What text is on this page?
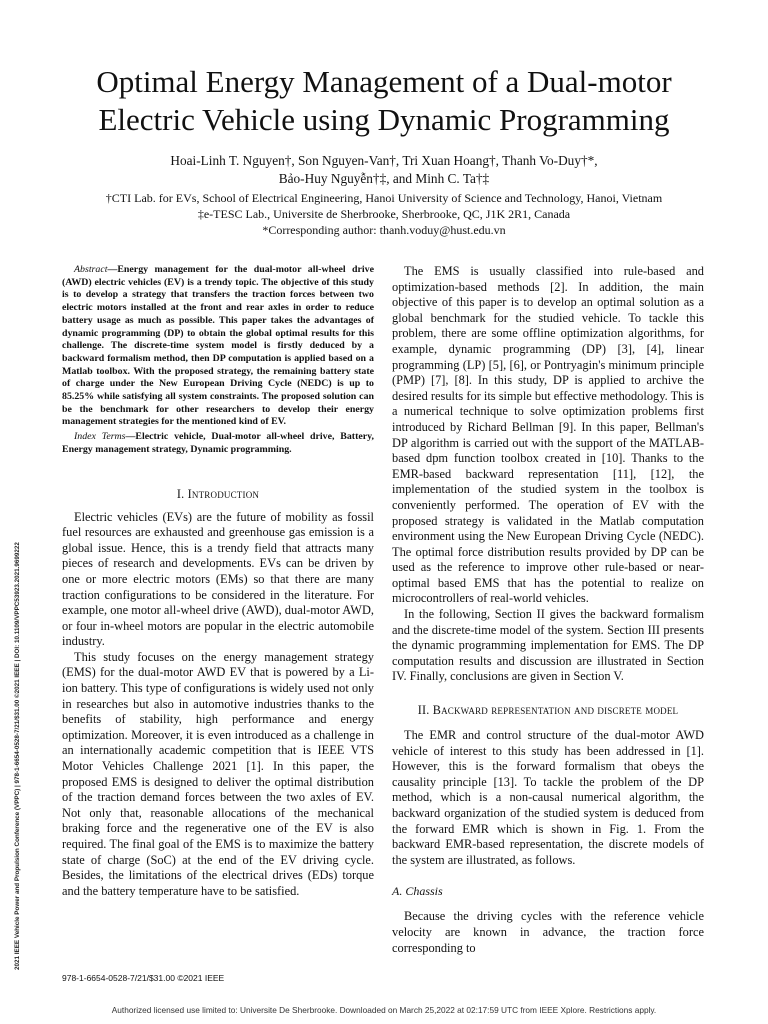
2021 IEEE Vehicle Power and Propulsion Conference (VPPC) | 978-1-6654-0528-7/21/$31.00 ©2021 IEEE | DOI: 10.1109/VPPC53923.2021.9699222
Optimal Energy Management of a Dual-motor
Electric Vehicle using Dynamic Programming
Hoai-Linh T. Nguyen†, Son Nguyen-Van†, Tri Xuan Hoang†, Thanh Vo-Duy†*,
Bảo-Huy Nguyễn†‡, and Minh C. Ta†‡
†CTI Lab. for EVs, School of Electrical Engineering, Hanoi University of Science and Technology, Hanoi, Vietnam
‡e-TESC Lab., Universite de Sherbrooke, Sherbrooke, QC, J1K 2R1, Canada
*Corresponding author: thanh.voduy@hust.edu.vn

Abstract—Energy management for the dual-motor all-wheel drive (AWD) electric vehicles (EV) is a trendy topic. The objective of this study is to develop a strategy that transfers the traction forces between two electric motors installed at the front and rear axles in order to reduce battery usage as much as possible. This paper takes the advantages of dynamic programming (DP) to obtain the global optimal results for this challenge. The discrete-time system model is firstly deduced by a backward formalism method, then DP computation is applied based on a Matlab toolbox. With the proposed strategy, the remaining battery state of charge under the New European Driving Cycle (NEDC) is up to 85.25% while satisfying all system constraints. The proposed solution can be the benchmark for other researchers to develop their energy management strategies for the mentioned kind of EV.

Index Terms—Electric vehicle, Dual-motor all-wheel drive, Battery, Energy management strategy, Dynamic programming.

I. Introduction

Electric vehicles (EVs) are the future of mobility as fossil fuel resources are exhausted and greenhouse gas emission is a global issue. Hence, this is a trendy field that attracts many pieces of research and developments. EVs can be driven by one or more electric motors (EMs) so that there are many traction configurations to be considered in the literature. For example, one motor all-wheel drive (AWD), dual-motor AWD, or four in-wheel motors are popular in the electric automobile industry.

This study focuses on the energy management strategy (EMS) for the dual-motor AWD EV that is powered by a Li-ion battery. This type of configurations is widely used not only in researches but also in automotive industries thanks to the benefits of stability, high performance and energy optimization. Moreover, it is even introduced as a challenge in an internationally academic competition that is IEEE VTS Motor Vehicles Challenge 2021 [1]. In this paper, the proposed EMS is designed to deliver the optimal distribution of the traction demand forces between the two axles of EV. Not only that, reasonable allocations of the mechanical braking force and the regenerative one of the EV is also required. The final goal of the EMS is to maximize the battery state of charge (SoC) at the end of the EV driving cycle. Besides, the limitations of the electrical drives (EDs) torque and the battery temperature have to be satisfied.

The EMS is usually classified into rule-based and optimization-based methods [2]. In addition, the main objective of this paper is to develop an optimal solution as a global benchmark for the studied vehicle. To tackle this problem, there are some offline optimization algorithms, for example, dynamic programming (DP) [3], [4], linear programming (LP) [5], [6], or Pontryagin's minimum principle (PMP) [7], [8]. In this study, DP is applied to archive the desired results for its simple but effective methodology. This is a numerical technique to solve optimization problems first introduced by Richard Bellman [9]. In this paper, Bellman's DP algorithm is carried out with the support of the MATLAB-based dpm function toolbox created in [10]. Thanks to the EMR-based backward representation [11], [12], the implementation of the studied system in the toolbox is conveniently performed. The operation of EV with the proposed strategy is validated in the Matlab computation environment using the New European Driving Cycle (NEDC). The optimal force distribution results provided by DP can be used as the reference to improve other rule-based or near-optimal based EMS that has the potential to realize on microcontrollers of real-world vehicles.

In the following, Section II gives the backward formalism and the discrete-time model of the system. Section III presents the dynamic programming implementation for EMS. The DP computation results and discussion are illustrated in Section IV. Finally, conclusions are given in Section V.

II. Backward representation and discrete model

The EMR and control structure of the dual-motor AWD vehicle of interest to this study has been addressed in [1]. However, this is the forward formalism that obeys the causality principle [13]. To tackle the problem of the DP method, which is a non-causal numerical algorithm, the backward organization of the studied system is deduced from the forward EMR which is shown in Fig. 1. From the backward EMR-based representation, the discrete models of the system are illustrated, as follows.

A. Chassis

Because the driving cycles with the reference vehicle velocity are known in advance, the traction force corresponding to

978-1-6654-0528-7/21/$31.00 ©2021 IEEE
Authorized licensed use limited to: Universite De Sherbrooke. Downloaded on March 25,2022 at 02:17:59 UTC from IEEE Xplore. Restrictions apply.
